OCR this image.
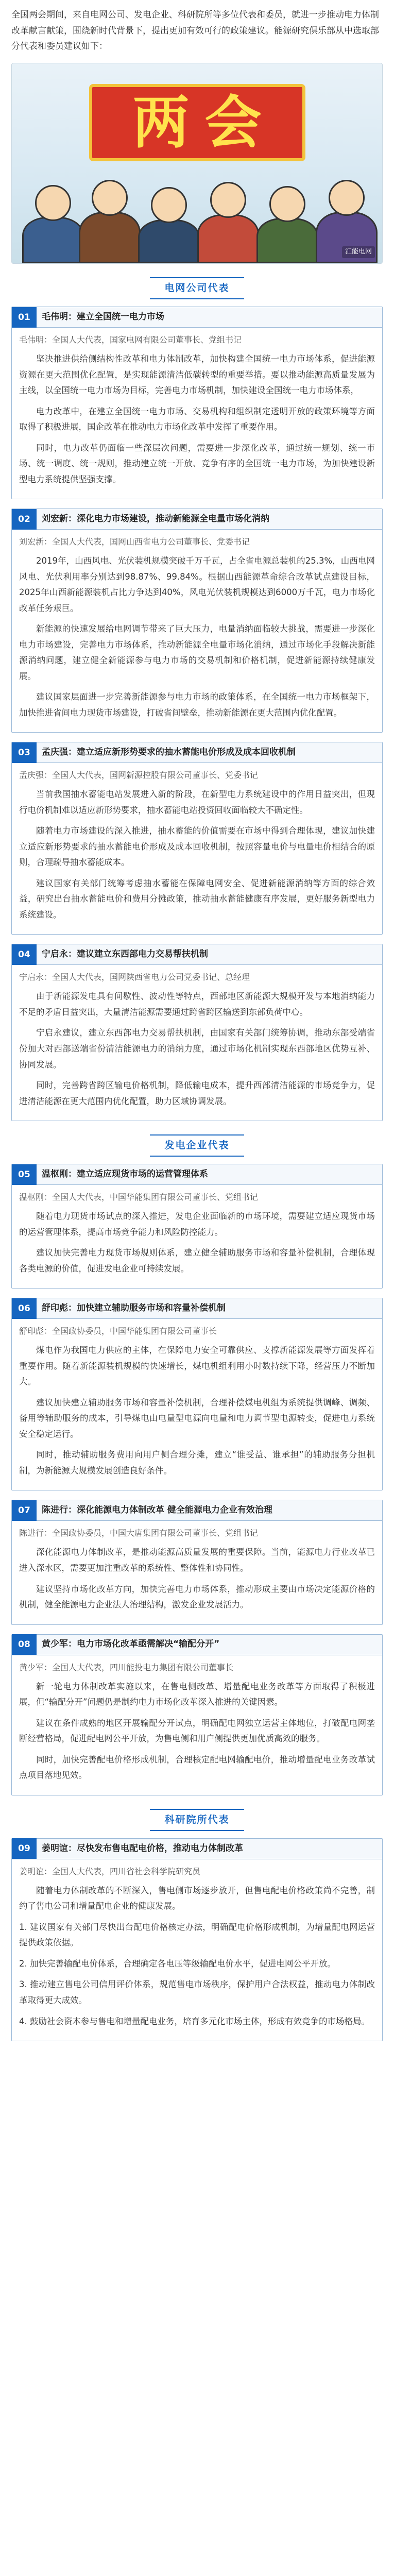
全国两会期间，来自电网公司、发电企业、科研院所等多位代表和委员，就进一步推动电力体制改革献言献策，围绕新时代背景下，提出更加有效可行的政策建议。能源研究俱乐部从中选取部分代表和委员建议如下：

两会
汇能电网
电网公司代表
01	毛伟明：建立全国统一电力市场

毛伟明：全国人大代表，国家电网有限公司董事长、党组书记

坚决推进供给侧结构性改革和电力体制改革，加快构建全国统一电力市场体系，促进能源资源在更大范围优化配置，是实现能源清洁低碳转型的重要举措。要以推动能源高质量发展为主线，以全国统一电力市场为目标，完善电力市场机制，加快建设全国统一电力市场体系，

电力改革中，在建立全国统一电力市场、交易机构和组织制定透明开放的政策环境等方面取得了积极进展，国企改革在推动电力市场化改革中发挥了重要作用。

同时，电力改革仍面临一些深层次问题，需要进一步深化改革，通过统一规划、统一市场、统一调度、统一规则，推动建立统一开放、竞争有序的全国统一电力市场，为加快建设新型电力系统提供坚强支撑。

02	刘宏新：深化电力市场建设，推动新能源全电量市场化消纳

刘宏新：全国人大代表，国网山西省电力公司董事长、党委书记

2019年，山西风电、光伏装机规模突破千万千瓦，占全省电源总装机的25.3%，山西电网风电、光伏利用率分别达到98.87%、99.84%。根据山西能源革命综合改革试点建设目标，2025年山西新能源装机占比力争达到40%，风电光伏装机规模达到6000万千瓦，电力市场化改革任务艰巨。

新能源的快速发展给电网调节带来了巨大压力，电量消纳面临较大挑战，需要进一步深化电力市场建设，完善电力市场体系，推动新能源全电量市场化消纳，通过市场化手段解决新能源消纳问题，建立健全新能源参与电力市场的交易机制和价格机制，促进新能源持续健康发展。

建议国家层面进一步完善新能源参与电力市场的政策体系，在全国统一电力市场框架下，加快推进省间电力现货市场建设，打破省间壁垒，推动新能源在更大范围内优化配置。

03	孟庆强：建立适应新形势要求的抽水蓄能电价形成及成本回收机制

孟庆强：全国人大代表，国网新源控股有限公司董事长、党委书记

当前我国抽水蓄能电站发展进入新的阶段，在新型电力系统建设中的作用日益突出，但现行电价机制难以适应新形势要求，抽水蓄能电站投资回收面临较大不确定性。

随着电力市场建设的深入推进，抽水蓄能的价值需要在市场中得到合理体现，建议加快建立适应新形势要求的抽水蓄能电价形成及成本回收机制，按照容量电价与电量电价相结合的原则，合理疏导抽水蓄能成本。

建议国家有关部门统筹考虑抽水蓄能在保障电网安全、促进新能源消纳等方面的综合效益，研究出台抽水蓄能电价和费用分摊政策，推动抽水蓄能健康有序发展，更好服务新型电力系统建设。

04	宁启永：建议建立东西部电力交易帮扶机制

宁启永：全国人大代表，国网陕西省电力公司党委书记、总经理

由于新能源发电具有间歇性、波动性等特点，西部地区新能源大规模开发与本地消纳能力不足的矛盾日益突出，大量清洁能源需要通过跨省跨区输送到东部负荷中心。

宁启永建议，建立东西部电力交易帮扶机制，由国家有关部门统筹协调，推动东部受端省份加大对西部送端省份清洁能源电力的消纳力度，通过市场化机制实现东西部地区优势互补、协同发展。

同时，完善跨省跨区输电价格机制，降低输电成本，提升西部清洁能源的市场竞争力，促进清洁能源在更大范围内优化配置，助力区域协调发展。

发电企业代表
05	温枢刚：建立适应现货市场的运营管理体系

温枢刚：全国人大代表，中国华能集团有限公司董事长、党组书记

随着电力现货市场试点的深入推进，发电企业面临新的市场环境，需要建立适应现货市场的运营管理体系，提高市场竞争能力和风险防控能力。

建议加快完善电力现货市场规则体系，建立健全辅助服务市场和容量补偿机制，合理体现各类电源的价值，促进发电企业可持续发展。

06	舒印彪：加快建立辅助服务市场和容量补偿机制

舒印彪：全国政协委员，中国华能集团有限公司董事长

煤电作为我国电力供应的主体，在保障电力安全可靠供应、支撑新能源发展等方面发挥着重要作用。随着新能源装机规模的快速增长，煤电机组利用小时数持续下降，经营压力不断加大。

建议加快建立辅助服务市场和容量补偿机制，合理补偿煤电机组为系统提供调峰、调频、备用等辅助服务的成本，引导煤电由电量型电源向电量和电力调节型电源转变，促进电力系统安全稳定运行。

同时，推动辅助服务费用向用户侧合理分摊，建立“谁受益、谁承担”的辅助服务分担机制，为新能源大规模发展创造良好条件。

07	陈进行：深化能源电力体制改革 健全能源电力企业有效治理

陈进行：全国政协委员，中国大唐集团有限公司董事长、党组书记

深化能源电力体制改革，是推动能源高质量发展的重要保障。当前，能源电力行业改革已进入深水区，需要更加注重改革的系统性、整体性和协同性。

建议坚持市场化改革方向，加快完善电力市场体系，推动形成主要由市场决定能源价格的机制，健全能源电力企业法人治理结构，激发企业发展活力。

08	黄少军：电力市场化改革亟需解决“输配分开”

黄少军：全国人大代表，四川能投电力集团有限公司董事长

新一轮电力体制改革实施以来，在售电侧改革、增量配电业务改革等方面取得了积极进展，但“输配分开”问题仍是制约电力市场化改革深入推进的关键因素。

建议在条件成熟的地区开展输配分开试点，明确配电网独立运营主体地位，打破配电网垄断经营格局，促进配电网公平开放，为售电侧和用户侧提供更加优质高效的服务。

同时，加快完善配电价格形成机制，合理核定配电网输配电价，推动增量配电业务改革试点项目落地见效。

科研院所代表
09	姜明谊：尽快发布售电配电价格，推动电力体制改革

姜明谊：全国人大代表，四川省社会科学院研究员

随着电力体制改革的不断深入，售电侧市场逐步放开，但售电配电价格政策尚不完善，制约了售电公司和增量配电企业的健康发展。

1. 建议国家有关部门尽快出台配电价格核定办法，明确配电价格形成机制，为增量配电网运营提供政策依据。

2. 加快完善输配电价体系，合理确定各电压等级输配电价水平，促进电网公平开放。

3. 推动建立售电公司信用评价体系，规范售电市场秩序，保护用户合法权益，推动电力体制改革取得更大成效。

4. 鼓励社会资本参与售电和增量配电业务，培育多元化市场主体，形成有效竞争的市场格局。
